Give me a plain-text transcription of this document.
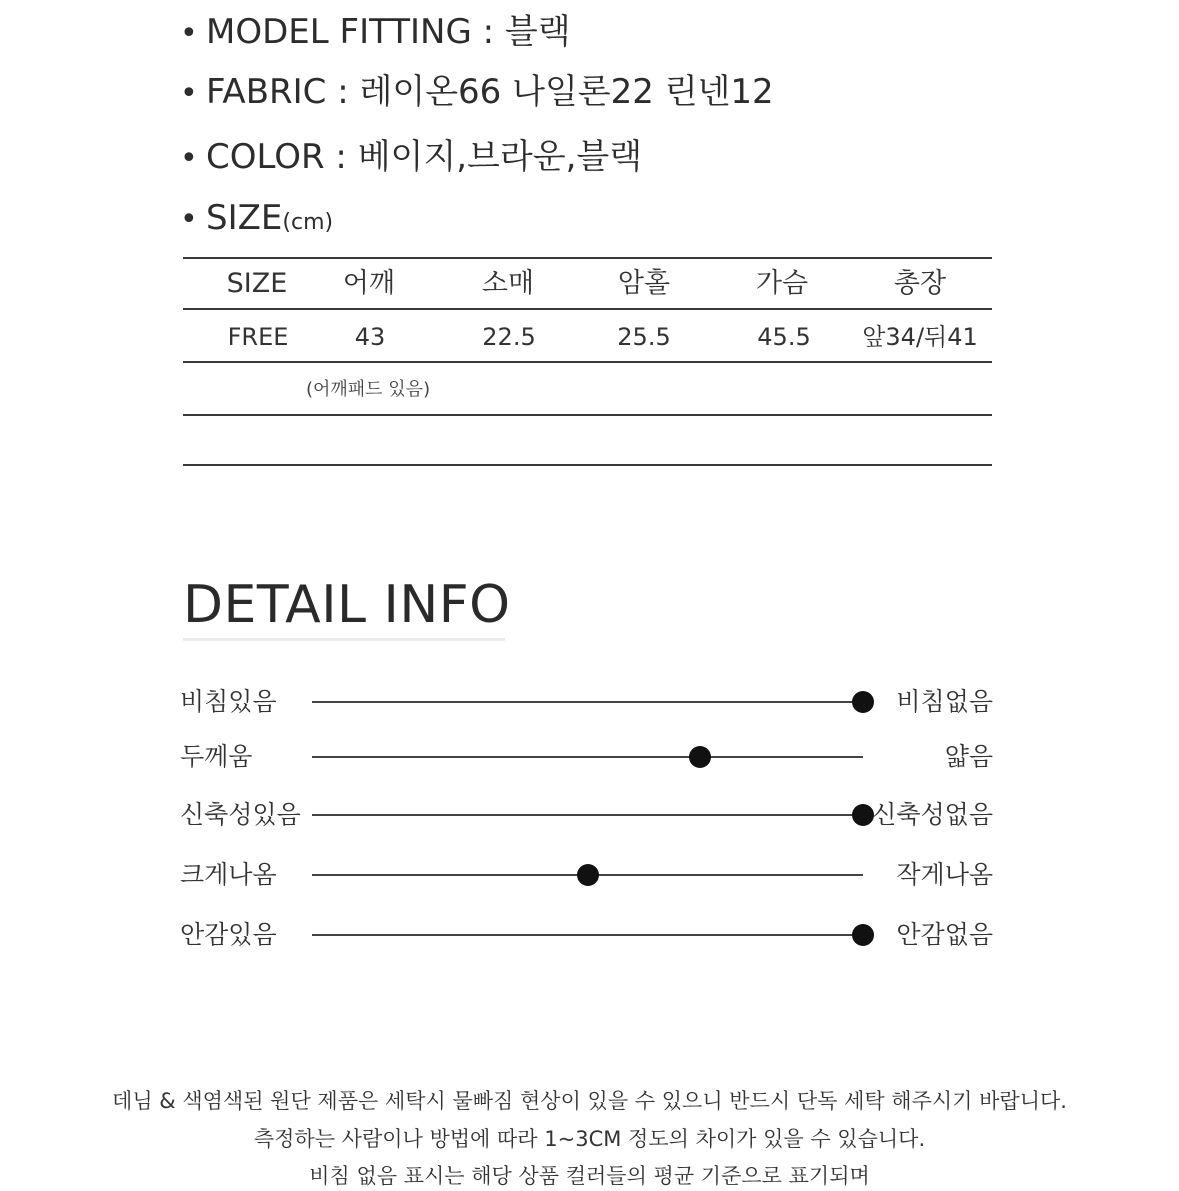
• MODEL FITTING : 블랙
• FABRIC : 레이온66 나일론22 린넨12
• COLOR : 베이지,브라운,블랙
• SIZE(cm)
SIZE	어깨	소매	암홀	가슴	총장
FREE	43	22.5	25.5	45.5	앞34/뒤41
(어깨패드 있음)
DETAIL INFO
비침있음	비침없음
두께움	얇음
신축성있음	신축성없음
크게나옴	작게나옴
안감있음	안감없음
데님 & 색염색된 원단 제품은 세탁시 물빠짐 현상이 있을 수 있으니 반드시 단독 세탁 해주시기 바랍니다.
측정하는 사람이나 방법에 따라 1~3CM 정도의 차이가 있을 수 있습니다.
비침 없음 표시는 해당 상품 컬러들의 평균 기준으로 표기되며
